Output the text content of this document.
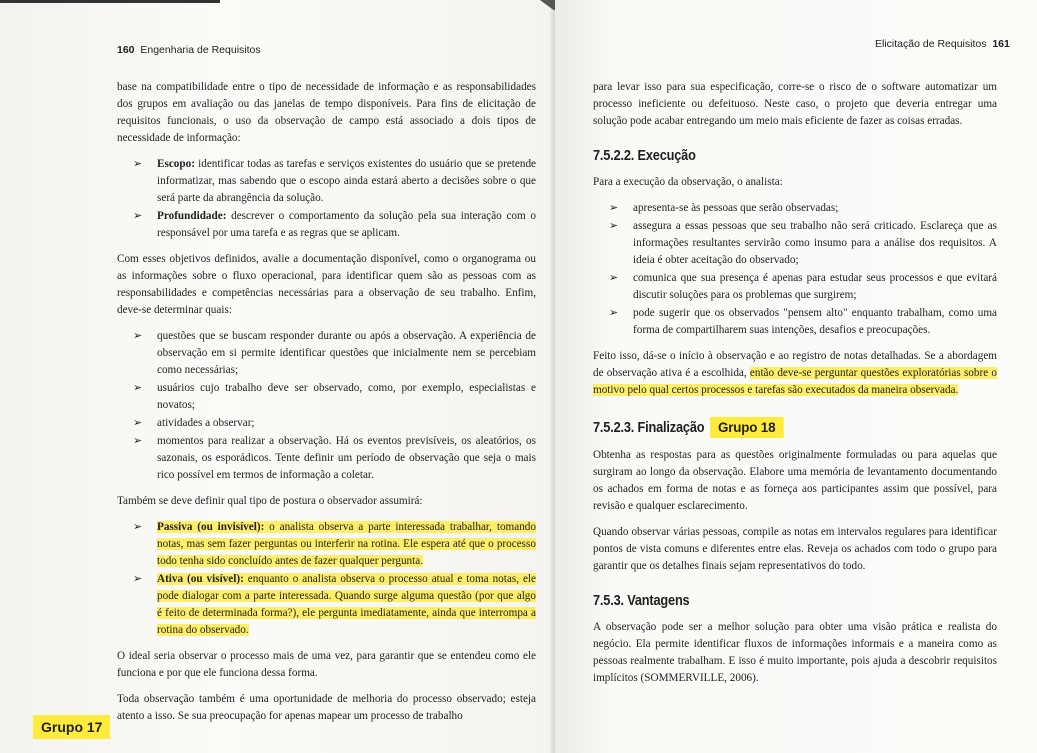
160 Engenharia de Requisitos

base na compatibilidade entre o tipo de necessidade de informação e as responsabilidades dos grupos em avaliação ou das janelas de tempo disponíveis. Para fins de elicitação de requisitos funcionais, o uso da observação de campo está associado a dois tipos de necessidade de informação:

➢ Escopo: identificar todas as tarefas e serviços existentes do usuário que se pretende informatizar, mas sabendo que o escopo ainda estará aberto a decisões sobre o que será parte da abrangência da solução.
➢ Profundidade: descrever o comportamento da solução pela sua interação com o responsável por uma tarefa e as regras que se aplicam.

Com esses objetivos definidos, avalie a documentação disponível, como o organograma ou as informações sobre o fluxo operacional, para identificar quem são as pessoas com as responsabilidades e competências necessárias para a observação de seu trabalho. Enfim, deve-se determinar quais:

➢ questões que se buscam responder durante ou após a observação. A experiência de observação em si permite identificar questões que inicialmente nem se percebiam como necessárias;
➢ usuários cujo trabalho deve ser observado, como, por exemplo, especialistas e novatos;
➢ atividades a observar;
➢ momentos para realizar a observação. Há os eventos previsíveis, os aleatórios, os sazonais, os esporádicos. Tente definir um período de observação que seja o mais rico possível em termos de informação a coletar.

Também se deve definir qual tipo de postura o observador assumirá:

➢ Passiva (ou invisível): o analista observa a parte interessada trabalhar, tomando notas, mas sem fazer perguntas ou interferir na rotina. Ele espera até que o processo todo tenha sido concluído antes de fazer qualquer pergunta.
➢ Ativa (ou visível): enquanto o analista observa o processo atual e toma notas, ele pode dialogar com a parte interessada. Quando surge alguma questão (por que algo é feito de determinada forma?), ele pergunta imediatamente, ainda que interrompa a rotina do observado.

O ideal seria observar o processo mais de uma vez, para garantir que se entendeu como ele funciona e por que ele funciona dessa forma.

Toda observação também é uma oportunidade de melhoria do processo observado; esteja atento a isso. Se sua preocupação for apenas mapear um processo de trabalho

Grupo 17
Elicitação de Requisitos 161

para levar isso para sua especificação, corre-se o risco de o software automatizar um processo ineficiente ou defeituoso. Neste caso, o projeto que deveria entregar uma solução pode acabar entregando um meio mais eficiente de fazer as coisas erradas.

7.5.2.2. Execução

Para a execução da observação, o analista:

➢ apresenta-se às pessoas que serão observadas;
➢ assegura a essas pessoas que seu trabalho não será criticado. Esclareça que as informações resultantes servirão como insumo para a análise dos requisitos. A ideia é obter aceitação do observado;
➢ comunica que sua presença é apenas para estudar seus processos e que evitará discutir soluções para os problemas que surgirem;
➢ pode sugerir que os observados "pensem alto" enquanto trabalham, como uma forma de compartilharem suas intenções, desafios e preocupações.

Feito isso, dá-se o início à observação e ao registro de notas detalhadas. Se a abordagem de observação ativa é a escolhida, então deve-se perguntar questões exploratórias sobre o motivo pelo qual certos processos e tarefas são executados da maneira observada.

7.5.2.3. Finalização Grupo 18

Obtenha as respostas para as questões originalmente formuladas ou para aquelas que surgiram ao longo da observação. Elabore uma memória de levantamento documentando os achados em forma de notas e as forneça aos participantes assim que possível, para revisão e qualquer esclarecimento.

Quando observar várias pessoas, compile as notas em intervalos regulares para identificar pontos de vista comuns e diferentes entre elas. Reveja os achados com todo o grupo para garantir que os detalhes finais sejam representativos do todo.

7.5.3. Vantagens

A observação pode ser a melhor solução para obter uma visão prática e realista do negócio. Ela permite identificar fluxos de informações informais e a maneira como as pessoas realmente trabalham. E isso é muito importante, pois ajuda a descobrir requisitos implícitos (SOMMERVILLE, 2006).
